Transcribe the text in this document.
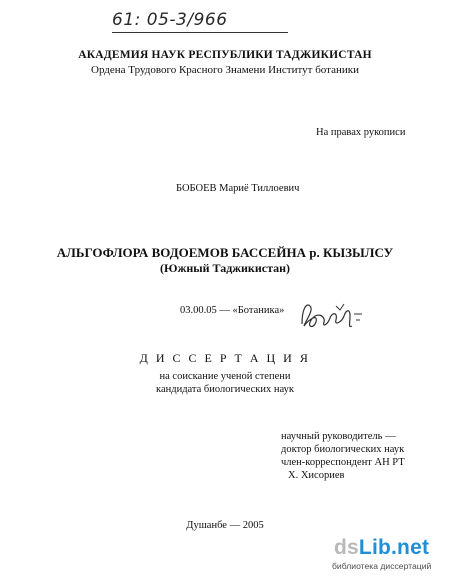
61: 05-3/966
АКАДЕМИЯ НАУК РЕСПУБЛИКИ ТАДЖИКИСТАН
Ордена Трудового Красного Знамени Институт ботаники
На правах рукописи
БОБОЕВ Мариё Тиллоевич
АЛЬГОФЛОРА ВОДОЕМОВ БАССЕЙНА р. КЫЗЫЛСУ
(Южный Таджикистан)
03.00.05 — «Ботаника»
Д И С С Е Р Т А Ц И Я
на соискание ученой степени
кандидата биологических наук
научный руководитель —
доктор биологических наук
член-корреспондент АН РТ
Х. Хисориев
Душанбе — 2005
dsLib.net
библиотека диссертаций
